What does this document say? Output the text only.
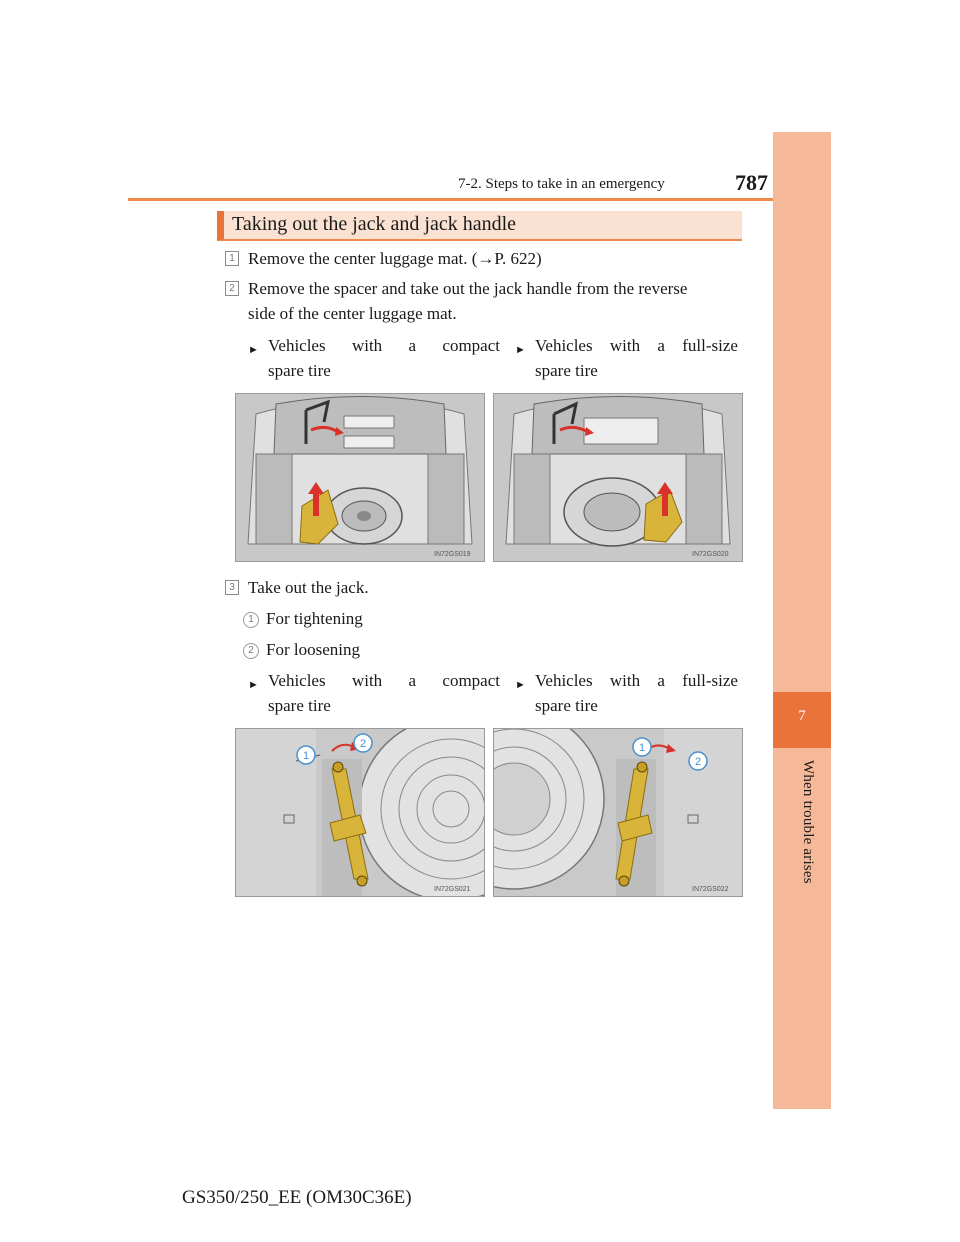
7-2. Steps to take in an emergency	787
7
When trouble arises
Taking out the jack and jack handle
1 Remove the center luggage mat. (→P. 622)
2 Remove the spacer and take out the jack handle from the reverse
side of the center luggage mat.
► Vehicles with a compact
spare tire
► Vehicles with a full-size
spare tire
IN72GS019	IN72GS020
3 Take out the jack.
1 For tightening
2 For loosening
► Vehicles with a compact
spare tire
► Vehicles with a full-size
spare tire
1
2
IN72GS021
1
2
IN72GS022
GS350/250_EE (OM30C36E)
